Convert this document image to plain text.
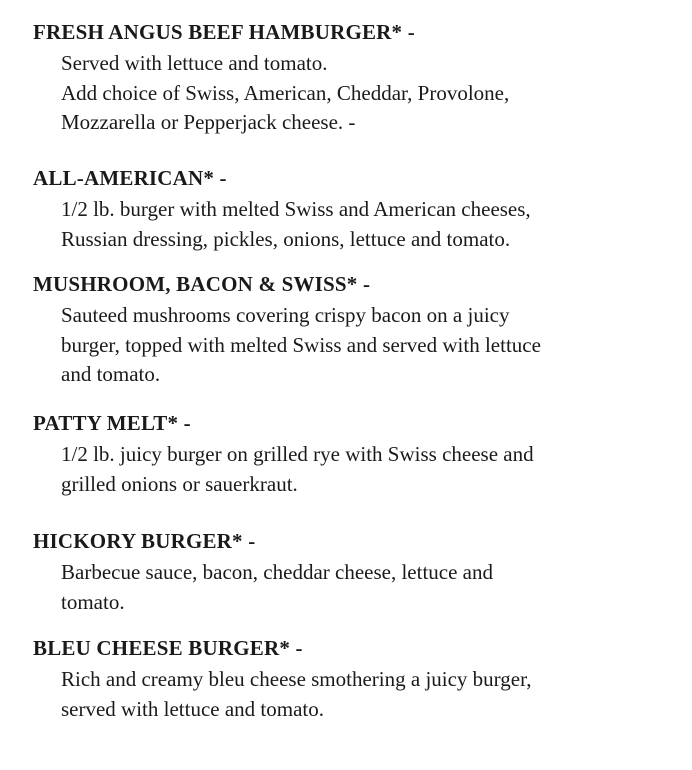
FRESH ANGUS BEEF HAMBURGER* -
Served with lettuce and tomato.
Add choice of Swiss, American, Cheddar, Provolone,
Mozzarella or Pepperjack cheese. -
ALL-AMERICAN* -
1/2 lb. burger with melted Swiss and American cheeses,
Russian dressing, pickles, onions, lettuce and tomato.
MUSHROOM, BACON & SWISS* -
Sauteed mushrooms covering crispy bacon on a juicy
burger, topped with melted Swiss and served with lettuce
and tomato.
PATTY MELT* -
1/2 lb. juicy burger on grilled rye with Swiss cheese and
grilled onions or sauerkraut.
HICKORY BURGER* -
Barbecue sauce, bacon, cheddar cheese, lettuce and
tomato.
BLEU CHEESE BURGER* -
Rich and creamy bleu cheese smothering a juicy burger,
served with lettuce and tomato.
